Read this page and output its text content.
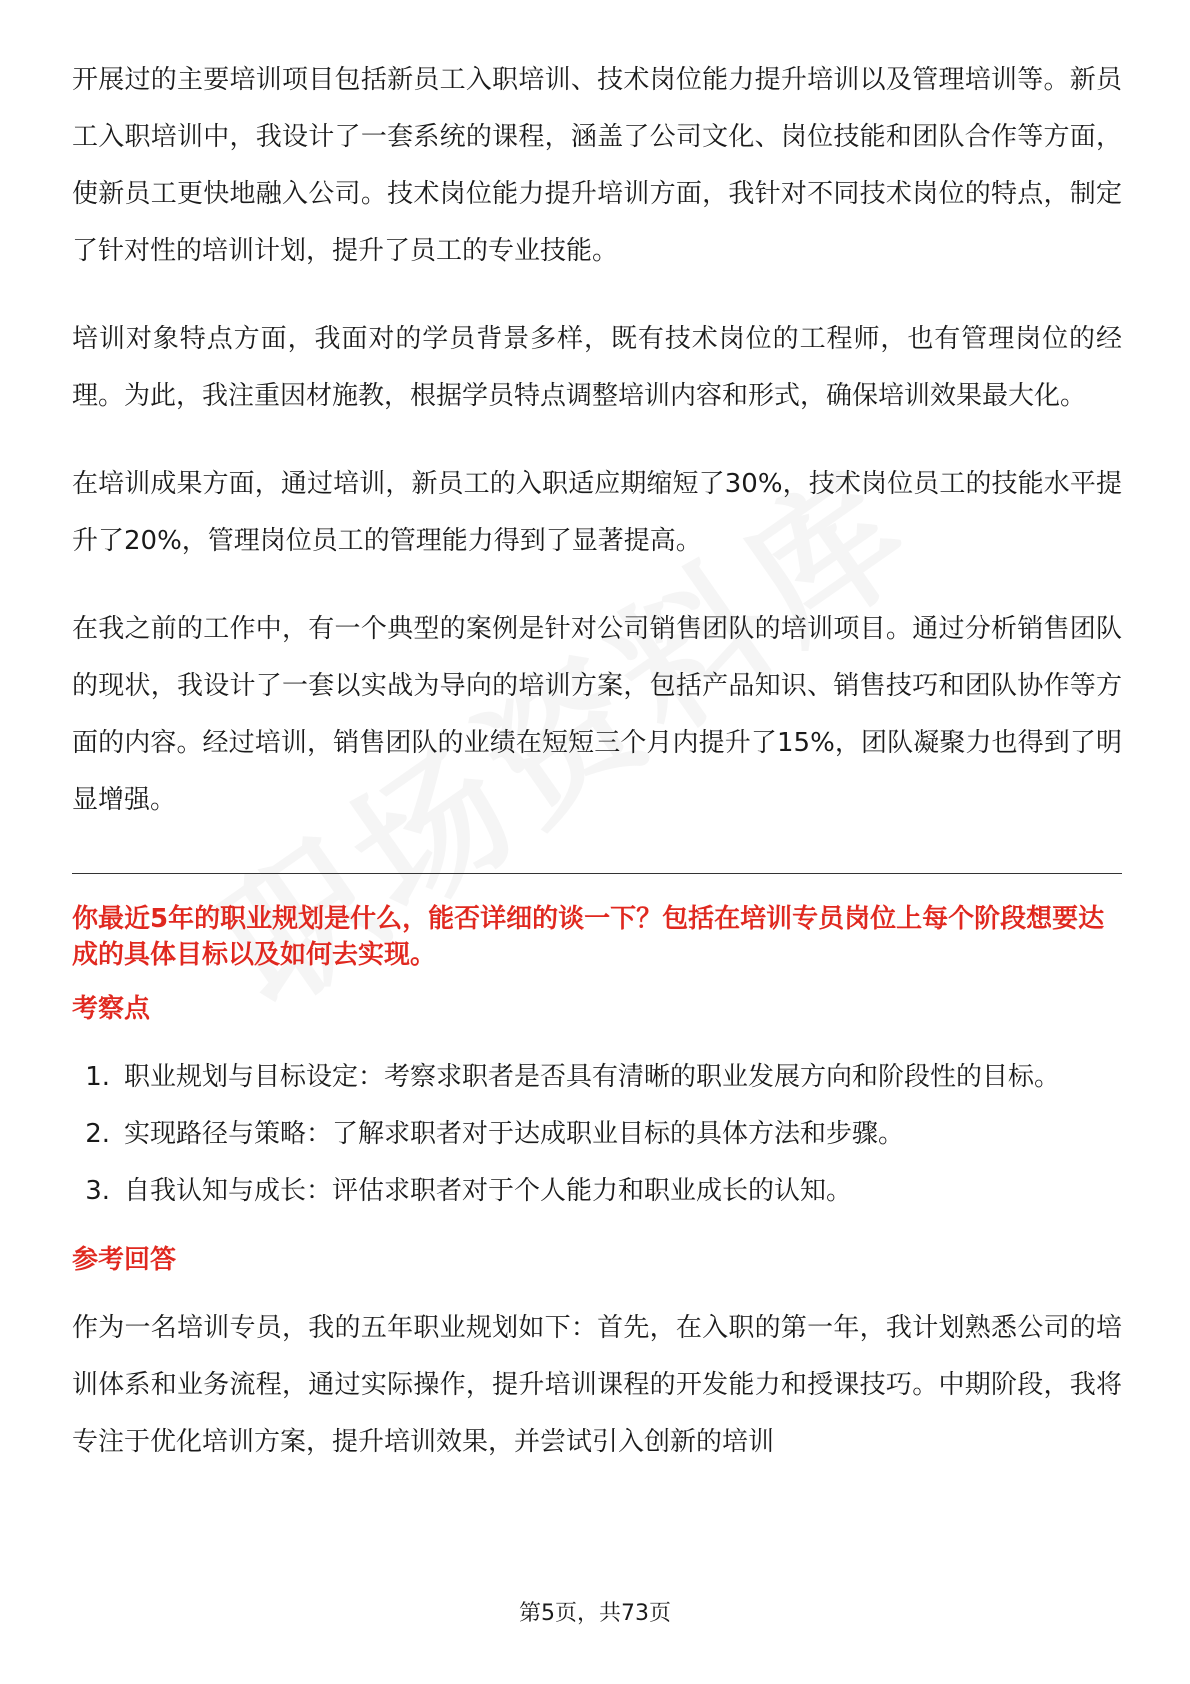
开展过的主要培训项目包括新员工入职培训、技术岗位能力提升培训以及管理培训等。新员工入职培训中，我设计了一套系统的课程，涵盖了公司文化、岗位技能和团队合作等方面，使新员工更快地融入公司。技术岗位能力提升培训方面，我针对不同技术岗位的特点，制定了针对性的培训计划，提升了员工的专业技能。

培训对象特点方面，我面对的学员背景多样，既有技术岗位的工程师，也有管理岗位的经理。为此，我注重因材施教，根据学员特点调整培训内容和形式，确保培训效果最大化。

在培训成果方面，通过培训，新员工的入职适应期缩短了30%，技术岗位员工的技能水平提升了20%，管理岗位员工的管理能力得到了显著提高。

在我之前的工作中，有一个典型的案例是针对公司销售团队的培训项目。通过分析销售团队的现状，我设计了一套以实战为导向的培训方案，包括产品知识、销售技巧和团队协作等方面的内容。经过培训，销售团队的业绩在短短三个月内提升了15%，团队凝聚力也得到了明显增强。

你最近5年的职业规划是什么，能否详细的谈一下？包括在培训专员岗位上每个阶段想要达成的具体目标以及如何去实现。
考察点
1. 职业规划与目标设定：考察求职者是否具有清晰的职业发展方向和阶段性的目标。
2. 实现路径与策略：了解求职者对于达成职业目标的具体方法和步骤。
3. 自我认知与成长：评估求职者对于个人能力和职业成长的认知。
参考回答

作为一名培训专员，我的五年职业规划如下：首先，在入职的第一年，我计划熟悉公司的培训体系和业务流程，通过实际操作，提升培训课程的开发能力和授课技巧。中期阶段，我将专注于优化培训方案，提升培训效果，并尝试引入创新的培训

第5页，共73页
